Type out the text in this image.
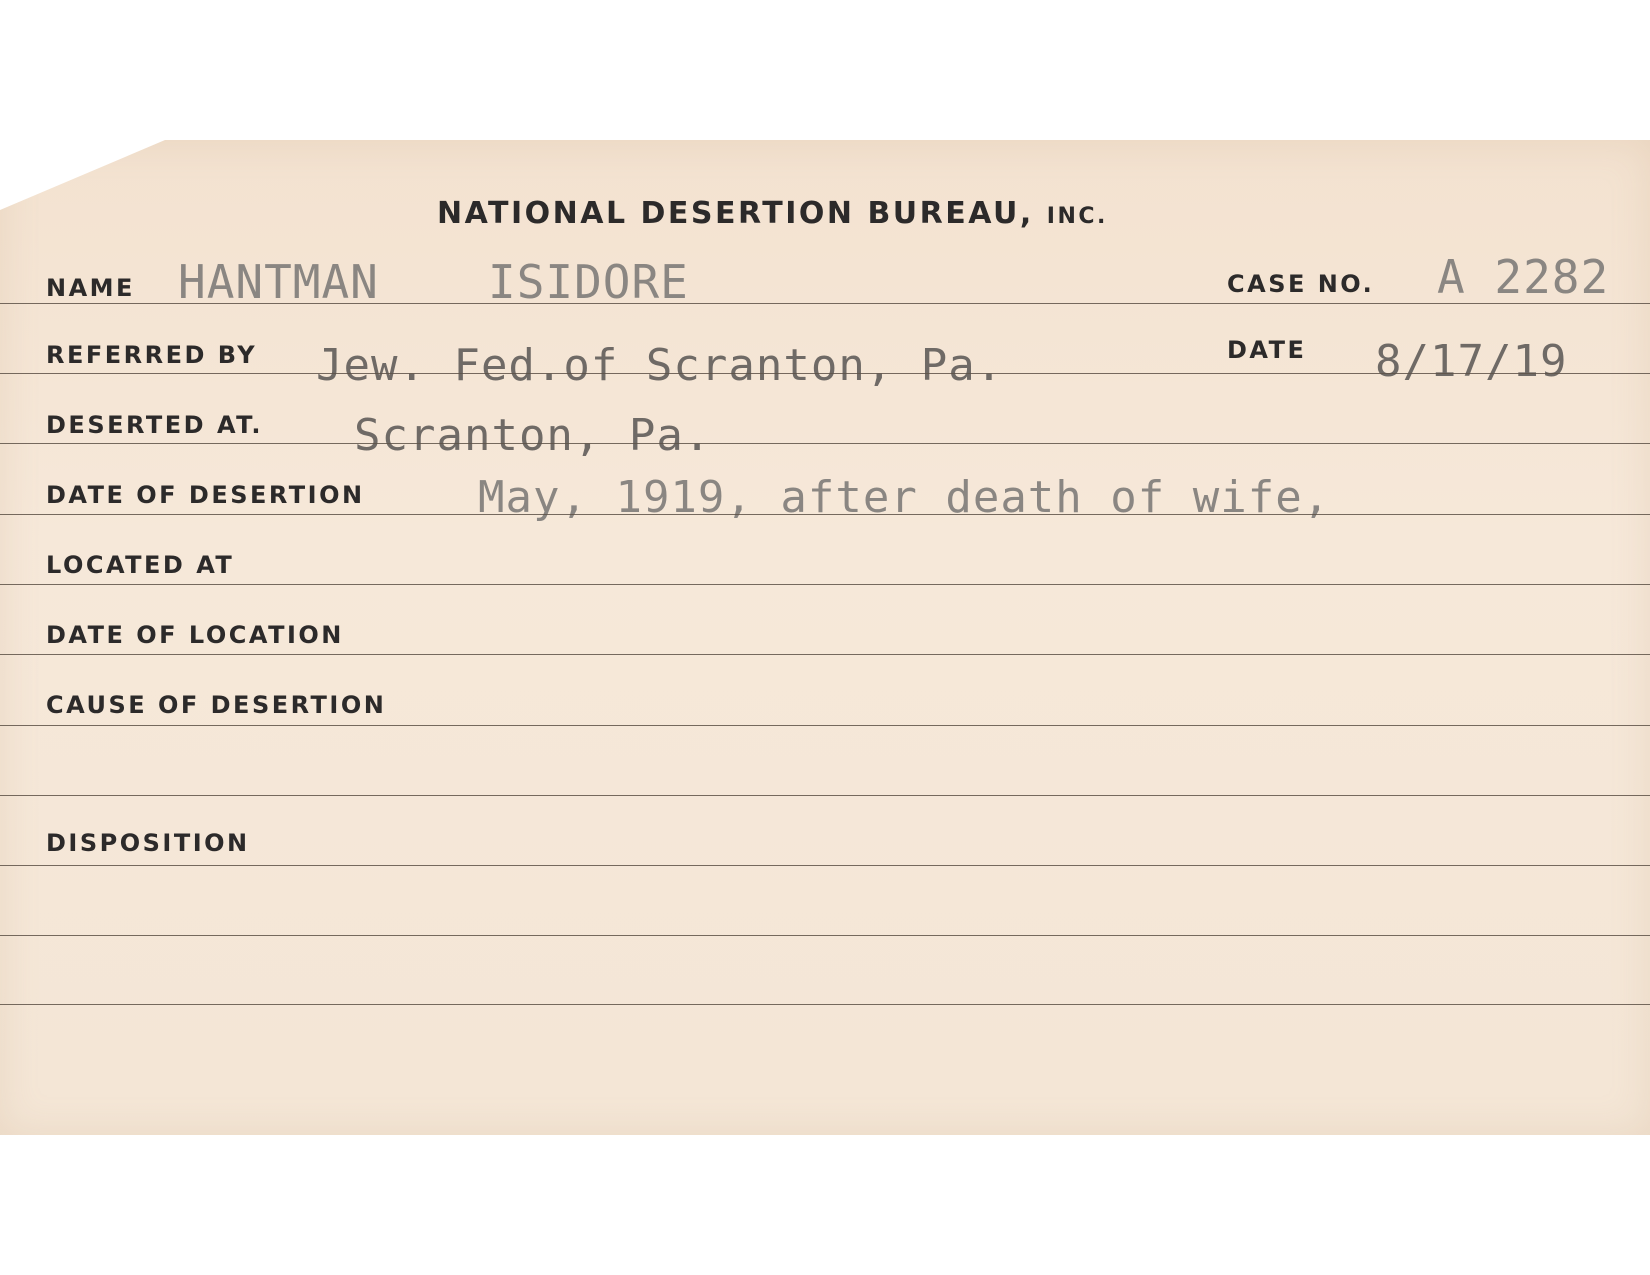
NATIONAL DESERTION BUREAU, INC.
NAME HANTMAN ISIDORE	CASE NO. A 2282
REFERRED BY Jew. Fed.of Scranton, Pa.	DATE 8/17/19
DESERTED AT. Scranton, Pa.
DATE OF DESERTION	May, 1919, after death of wife,
LOCATED AT
DATE OF LOCATION
CAUSE OF DESERTION
DISPOSITION
